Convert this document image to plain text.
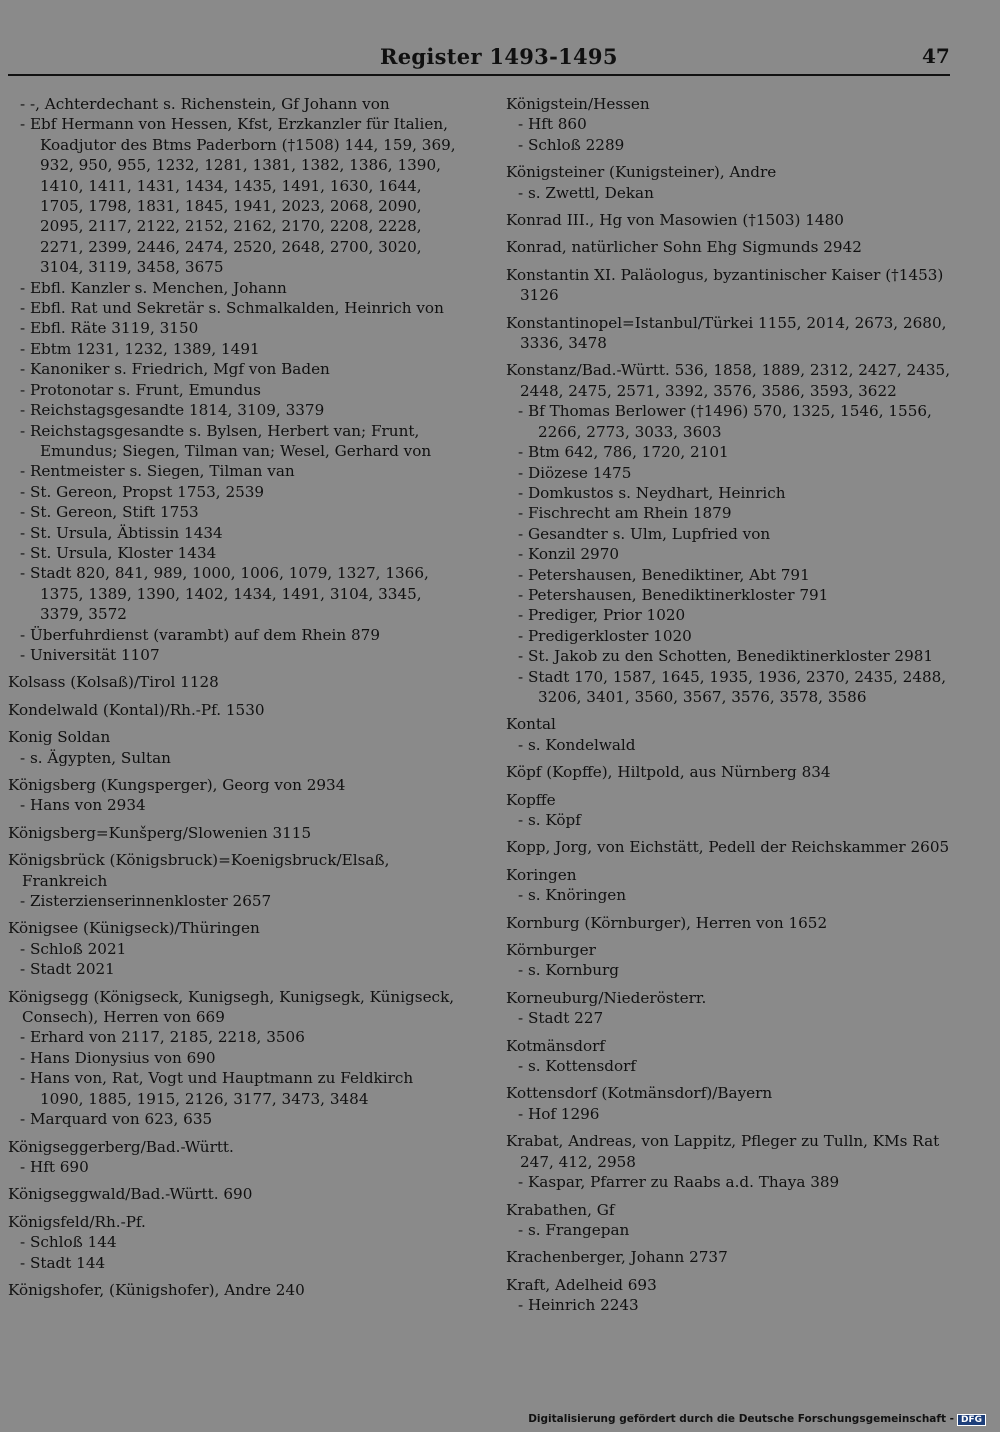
Register 1493-1495	47
- -, Achterdechant s. Richenstein, Gf Johann von
- Ebf Hermann von Hessen, Kfst, Erzkanzler für Italien, Koadjutor des Btms Paderborn (†1508) 144, 159, 369, 932, 950, 955, 1232, 1281, 1381, 1382, 1386, 1390, 1410, 1411, 1431, 1434, 1435, 1491, 1630, 1644, 1705, 1798, 1831, 1845, 1941, 2023, 2068, 2090, 2095, 2117, 2122, 2152, 2162, 2170, 2208, 2228, 2271, 2399, 2446, 2474, 2520, 2648, 2700, 3020, 3104, 3119, 3458, 3675
- Ebfl. Kanzler s. Menchen, Johann
- Ebfl. Rat und Sekretär s. Schmalkalden, Heinrich von
- Ebfl. Räte 3119, 3150
- Ebtm 1231, 1232, 1389, 1491
- Kanoniker s. Friedrich, Mgf von Baden
- Protonotar s. Frunt, Emundus
- Reichstagsgesandte 1814, 3109, 3379
- Reichstagsgesandte s. Bylsen, Herbert van; Frunt, Emundus; Siegen, Tilman van; Wesel, Gerhard von
- Rentmeister s. Siegen, Tilman van
- St. Gereon, Propst 1753, 2539
- St. Gereon, Stift 1753
- St. Ursula, Äbtissin 1434
- St. Ursula, Kloster 1434
- Stadt 820, 841, 989, 1000, 1006, 1079, 1327, 1366, 1375, 1389, 1390, 1402, 1434, 1491, 3104, 3345, 3379, 3572
- Überfuhrdienst (varambt) auf dem Rhein 879
- Universität 1107
Kolsass (Kolsaß)/Tirol 1128
Kondelwald (Kontal)/Rh.-Pf. 1530
Konig Soldan
- s. Ägypten, Sultan
Königsberg (Kungsperger), Georg von 2934
- Hans von 2934
Königsberg=Kunšperg/Slowenien 3115
Königsbrück (Königsbruck)=Koenigsbruck/Elsaß, Frankreich
- Zisterzienserinnenkloster 2657
Königsee (Künigseck)/Thüringen
- Schloß 2021
- Stadt 2021
Königsegg (Königseck, Kunigsegh, Kunigsegk, Künigseck, Consech), Herren von 669
- Erhard von 2117, 2185, 2218, 3506
- Hans Dionysius von 690
- Hans von, Rat, Vogt und Hauptmann zu Feldkirch 1090, 1885, 1915, 2126, 3177, 3473, 3484
- Marquard von 623, 635
Königseggerberg/Bad.-Württ.
- Hft 690
Königseggwald/Bad.-Württ. 690
Königsfeld/Rh.-Pf.
- Schloß 144
- Stadt 144
Königshofer, (Künigshofer), Andre 240
Königstein/Hessen
- Hft 860
- Schloß 2289
Königsteiner (Kunigsteiner), Andre
- s. Zwettl, Dekan
Konrad III., Hg von Masowien (†1503) 1480
Konrad, natürlicher Sohn Ehg Sigmunds 2942
Konstantin XI. Paläologus, byzantinischer Kaiser (†1453) 3126
Konstantinopel=Istanbul/Türkei 1155, 2014, 2673, 2680, 3336, 3478
Konstanz/Bad.-Württ. 536, 1858, 1889, 2312, 2427, 2435, 2448, 2475, 2571, 3392, 3576, 3586, 3593, 3622
- Bf Thomas Berlower (†1496) 570, 1325, 1546, 1556, 2266, 2773, 3033, 3603
- Btm 642, 786, 1720, 2101
- Diözese 1475
- Domkustos s. Neydhart, Heinrich
- Fischrecht am Rhein 1879
- Gesandter s. Ulm, Lupfried von
- Konzil 2970
- Petershausen, Benediktiner, Abt 791
- Petershausen, Benediktinerkloster 791
- Prediger, Prior 1020
- Predigerkloster 1020
- St. Jakob zu den Schotten, Benediktinerkloster 2981
- Stadt 170, 1587, 1645, 1935, 1936, 2370, 2435, 2488, 3206, 3401, 3560, 3567, 3576, 3578, 3586
Kontal
- s. Kondelwald
Köpf (Kopffe), Hiltpold, aus Nürnberg 834
Kopffe
- s. Köpf
Kopp, Jorg, von Eichstätt, Pedell der Reichskammer 2605
Koringen
- s. Knöringen
Kornburg (Körnburger), Herren von 1652
Körnburger
- s. Kornburg
Korneuburg/Niederösterr.
- Stadt 227
Kotmänsdorf
- s. Kottensdorf
Kottensdorf (Kotmänsdorf)/Bayern
- Hof 1296
Krabat, Andreas, von Lappitz, Pfleger zu Tulln, KMs Rat 247, 412, 2958
- Kaspar, Pfarrer zu Raabs a.d. Thaya 389
Krabathen, Gf
- s. Frangepan
Krachenberger, Johann 2737
Kraft, Adelheid 693
- Heinrich 2243
Digitalisierung gefördert durch die Deutsche Forschungsgemeinschaft - DFG
